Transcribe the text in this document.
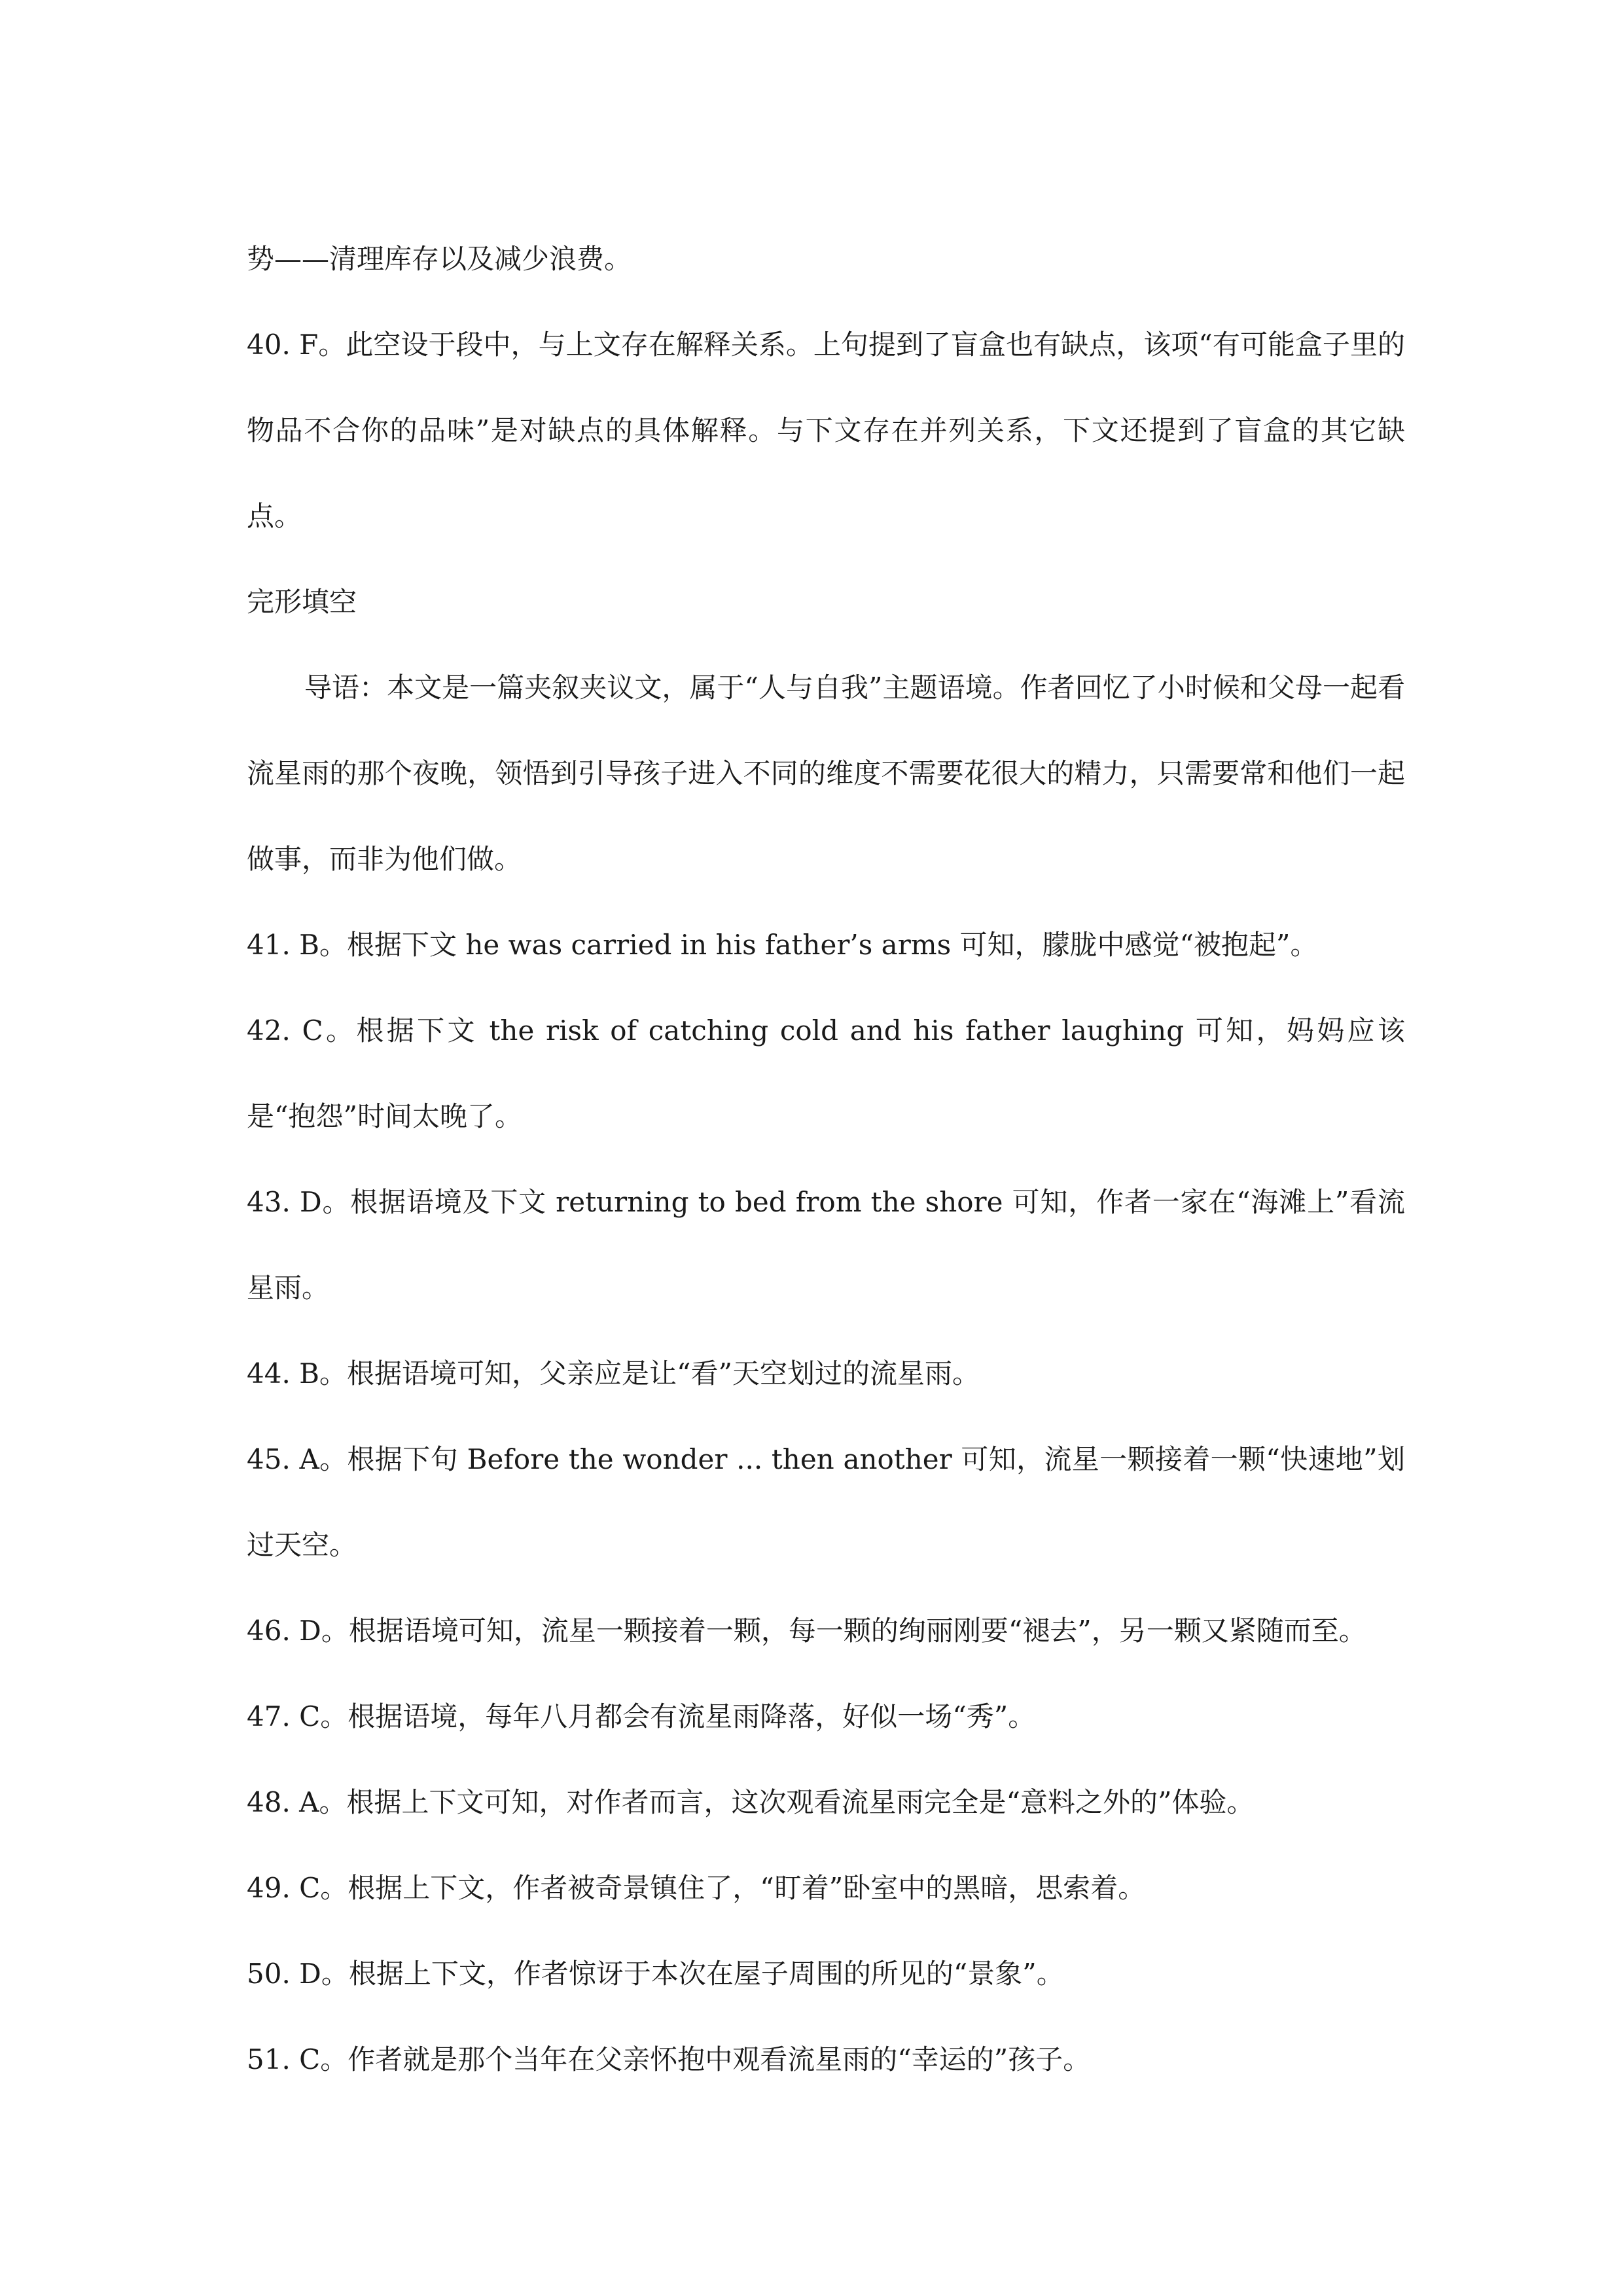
势——清理库存以及减少浪费。

40. F。此空设于段中，与上文存在解释关系。上句提到了盲盒也有缺点，该项“有可能盒子里的物品不合你的品味”是对缺点的具体解释。与下文存在并列关系，下文还提到了盲盒的其它缺点。

完形填空

导语：本文是一篇夹叙夹议文，属于“人与自我”主题语境。作者回忆了小时候和父母一起看流星雨的那个夜晚，领悟到引导孩子进入不同的维度不需要花很大的精力，只需要常和他们一起做事，而非为他们做。

41. B。根据下文 he was carried in his father’s arms 可知，朦胧中感觉“被抱起”。

42. C。根据下文 the risk of catching cold and his father laughing 可知，妈妈应该是“抱怨”时间太晚了。

43. D。根据语境及下文 returning to bed from the shore 可知，作者一家在“海滩上”看流星雨。

44. B。根据语境可知，父亲应是让“看”天空划过的流星雨。

45. A。根据下句 Before the wonder ... then another 可知，流星一颗接着一颗“快速地”划过天空。

46. D。根据语境可知，流星一颗接着一颗，每一颗的绚丽刚要“褪去”，另一颗又紧随而至。

47. C。根据语境，每年八月都会有流星雨降落，好似一场“秀”。

48. A。根据上下文可知，对作者而言，这次观看流星雨完全是“意料之外的”体验。

49. C。根据上下文，作者被奇景镇住了，“盯着”卧室中的黑暗，思索着。

50. D。根据上下文，作者惊讶于本次在屋子周围的所见的“景象”。

51. C。作者就是那个当年在父亲怀抱中观看流星雨的“幸运的”孩子。
